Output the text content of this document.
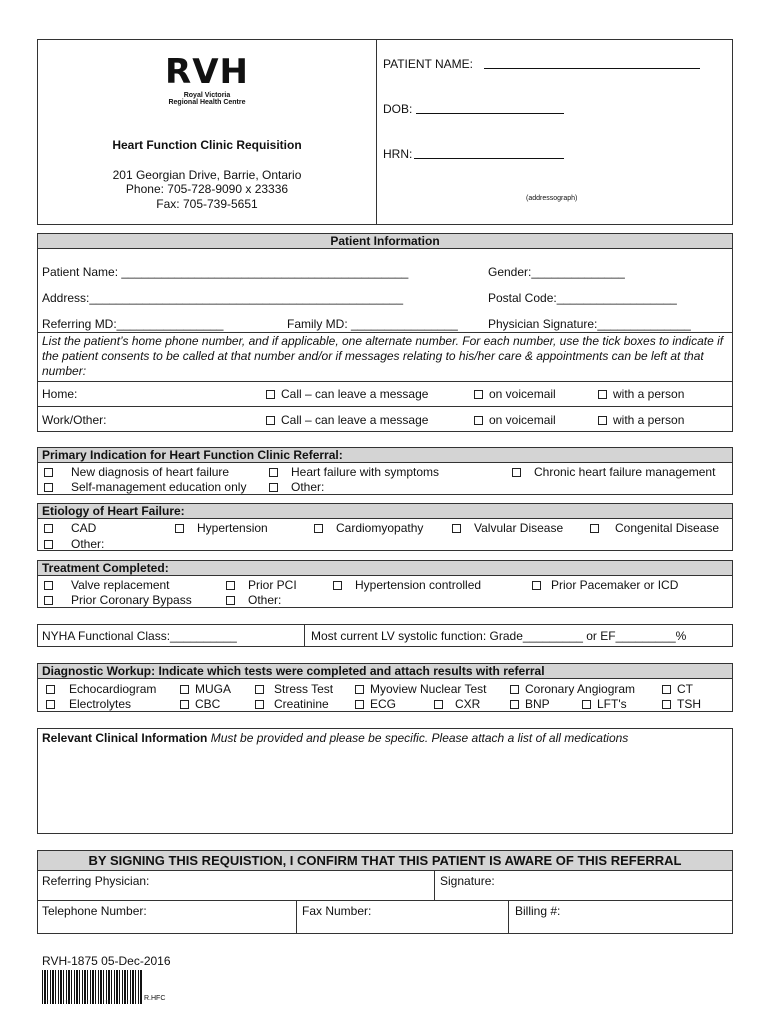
RVH
Royal Victoria
Regional Health Centre
Heart Function Clinic Requisition
201 Georgian Drive, Barrie, Ontario
Phone: 705-728-9090 x 23336
Fax: 705-739-5651
PATIENT NAME:
DOB:
HRN:
(addressograph)
Patient Information
Patient Name: ___________________________________________	Gender:______________
Address:_______________________________________________	Postal Code:__________________
Referring MD:________________	Family MD: ________________	Physician Signature:______________
List the patient’s home phone number, and if applicable, one alternate number. For each number, use the tick boxes to indicate if the patient consents to be called at that number and/or if messages relating to his/her care & appointments can be left at that number:
Home:	Call – can leave a message	on voicemail	with a person
Work/Other:	Call – can leave a message	on voicemail	with a person
Primary Indication for Heart Function Clinic Referral:
New diagnosis of heart failure	Heart failure with symptoms	Chronic heart failure management
Self-management education only	Other:
Etiology of Heart Failure:
CAD	Hypertension	Cardiomyopathy	Valvular Disease	Congenital Disease
Other:
Treatment Completed:
Valve replacement	Prior PCI	Hypertension controlled	Prior Pacemaker or ICD
Prior Coronary Bypass	Other:
NYHA Functional Class:__________	Most current LV systolic function: Grade_________ or EF_________%
Diagnostic Workup: Indicate which tests were completed and attach results with referral
Echocardiogram	MUGA	Stress Test	Myoview Nuclear Test	Coronary Angiogram	CT
Electrolytes	CBC	Creatinine	ECG	CXR	BNP	LFT's	TSH
Relevant Clinical Information Must be provided and please be specific. Please attach a list of all medications
BY SIGNING THIS REQUISTION, I CONFIRM THAT THIS PATIENT IS AWARE OF THIS REFERRAL
Referring Physician:	Signature:
Telephone Number:	Fax Number:	Billing #:
RVH-1875 05-Dec-2016
R.HFC
